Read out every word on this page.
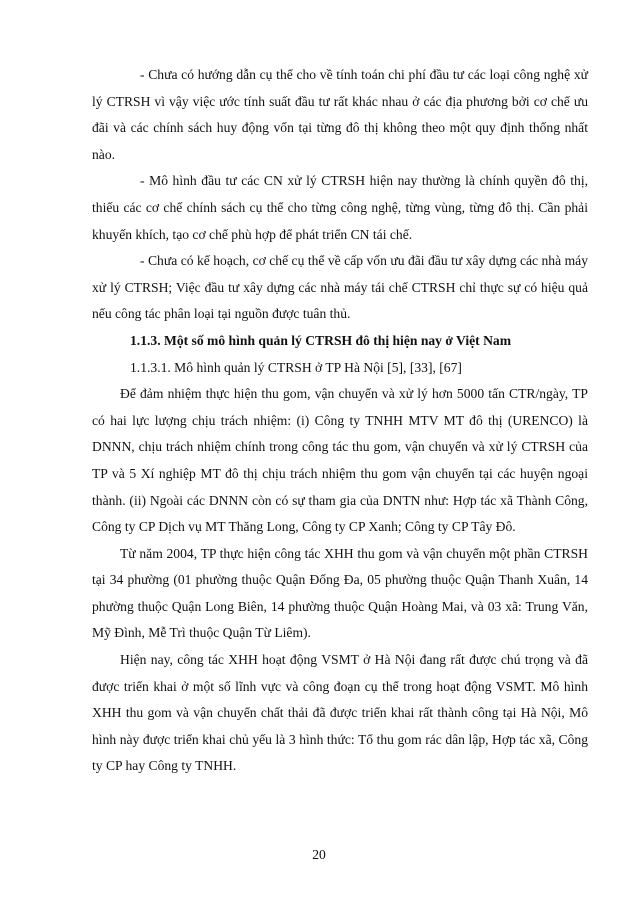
- Chưa có hướng dẫn cụ thể cho về tính toán chi phí đầu tư các loại công nghệ xử lý CTRSH vì vậy việc ước tính suất đầu tư rất khác nhau ở các địa phương bởi cơ chế ưu đãi và các chính sách huy động vốn tại từng đô thị không theo một quy định thống nhất nào.

- Mô hình đầu tư các CN xử lý CTRSH hiện nay thường là chính quyền đô thị, thiếu các cơ chế chính sách cụ thể cho từng công nghệ, từng vùng, từng đô thị. Cần phải khuyến khích, tạo cơ chế phù hợp để phát triển CN tái chế.

- Chưa có kế hoạch, cơ chế cụ thể về cấp vốn ưu đãi đầu tư xây dựng các nhà máy xử lý CTRSH; Việc đầu tư xây dựng các nhà máy tái chế CTRSH chỉ thực sự có hiệu quả nếu công tác phân loại tại nguồn được tuân thủ.

1.1.3. Một số mô hình quản lý CTRSH đô thị hiện nay ở Việt Nam

1.1.3.1. Mô hình quản lý CTRSH ở TP Hà Nội [5], [33], [67]

Để đảm nhiệm thực hiện thu gom, vận chuyển và xử lý hơn 5000 tấn CTR/ngày, TP có hai lực lượng chịu trách nhiệm: (i) Công ty TNHH MTV MT đô thị (URENCO) là DNNN, chịu trách nhiệm chính trong công tác thu gom, vận chuyển và xử lý CTRSH của TP và 5 Xí nghiệp MT đô thị chịu trách nhiệm thu gom vận chuyển tại các huyện ngoại thành. (ii) Ngoài các DNNN còn có sự tham gia của DNTN như: Hợp tác xã Thành Công, Công ty CP Dịch vụ MT Thăng Long, Công ty CP Xanh; Công ty CP Tây Đô.

Từ năm 2004, TP thực hiện công tác XHH thu gom và vận chuyển một phần CTRSH tại 34 phường (01 phường thuộc Quận Đống Đa, 05 phường thuộc Quận Thanh Xuân, 14 phường thuộc Quận Long Biên, 14 phường thuộc Quận Hoàng Mai, và 03 xã: Trung Văn, Mỹ Đình, Mễ Trì thuộc Quận Từ Liêm).

Hiện nay, công tác XHH hoạt động VSMT ở Hà Nội đang rất được chú trọng và đã được triển khai ở một số lĩnh vực và công đoạn cụ thể trong hoạt động VSMT. Mô hình XHH thu gom và vận chuyển chất thải đã được triển khai rất thành công tại Hà Nội, Mô hình này được triển khai chủ yếu là 3 hình thức: Tổ thu gom rác dân lập, Hợp tác xã, Công ty CP hay Công ty TNHH.

20
